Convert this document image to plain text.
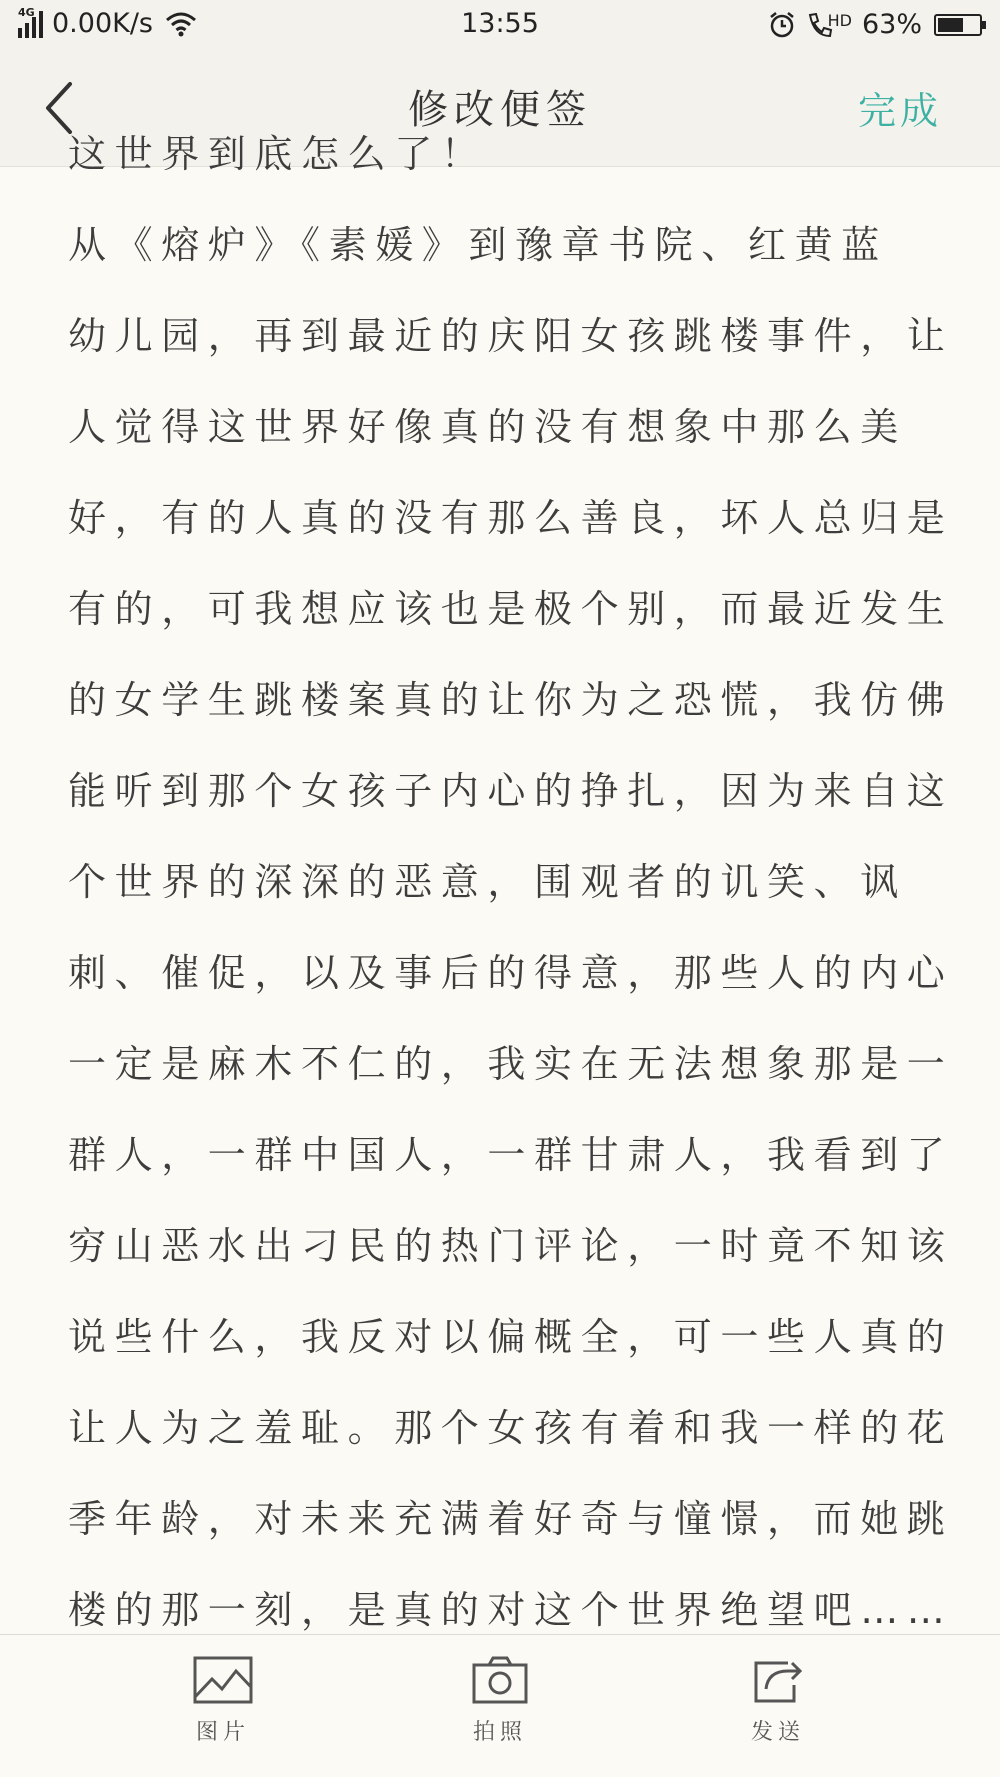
4G 0.00K/s	13:55	HD 63%
修改便签	完成
这世界到底怎么了！
从《熔炉》《素媛》到豫章书院、红黄蓝
幼儿园，再到最近的庆阳女孩跳楼事件，让
人觉得这世界好像真的没有想象中那么美
好，有的人真的没有那么善良，坏人总归是
有的，可我想应该也是极个别，而最近发生
的女学生跳楼案真的让你为之恐慌，我仿佛
能听到那个女孩子内心的挣扎，因为来自这
个世界的深深的恶意，围观者的讥笑、讽
刺、催促，以及事后的得意，那些人的内心
一定是麻木不仁的，我实在无法想象那是一
群人，一群中国人，一群甘肃人，我看到了
穷山恶水出刁民的热门评论，一时竟不知该
说些什么，我反对以偏概全，可一些人真的
让人为之羞耻。那个女孩有着和我一样的花
季年龄，对未来充满着好奇与憧憬，而她跳
楼的那一刻，是真的对这个世界绝望吧……
图片	拍照	发送
